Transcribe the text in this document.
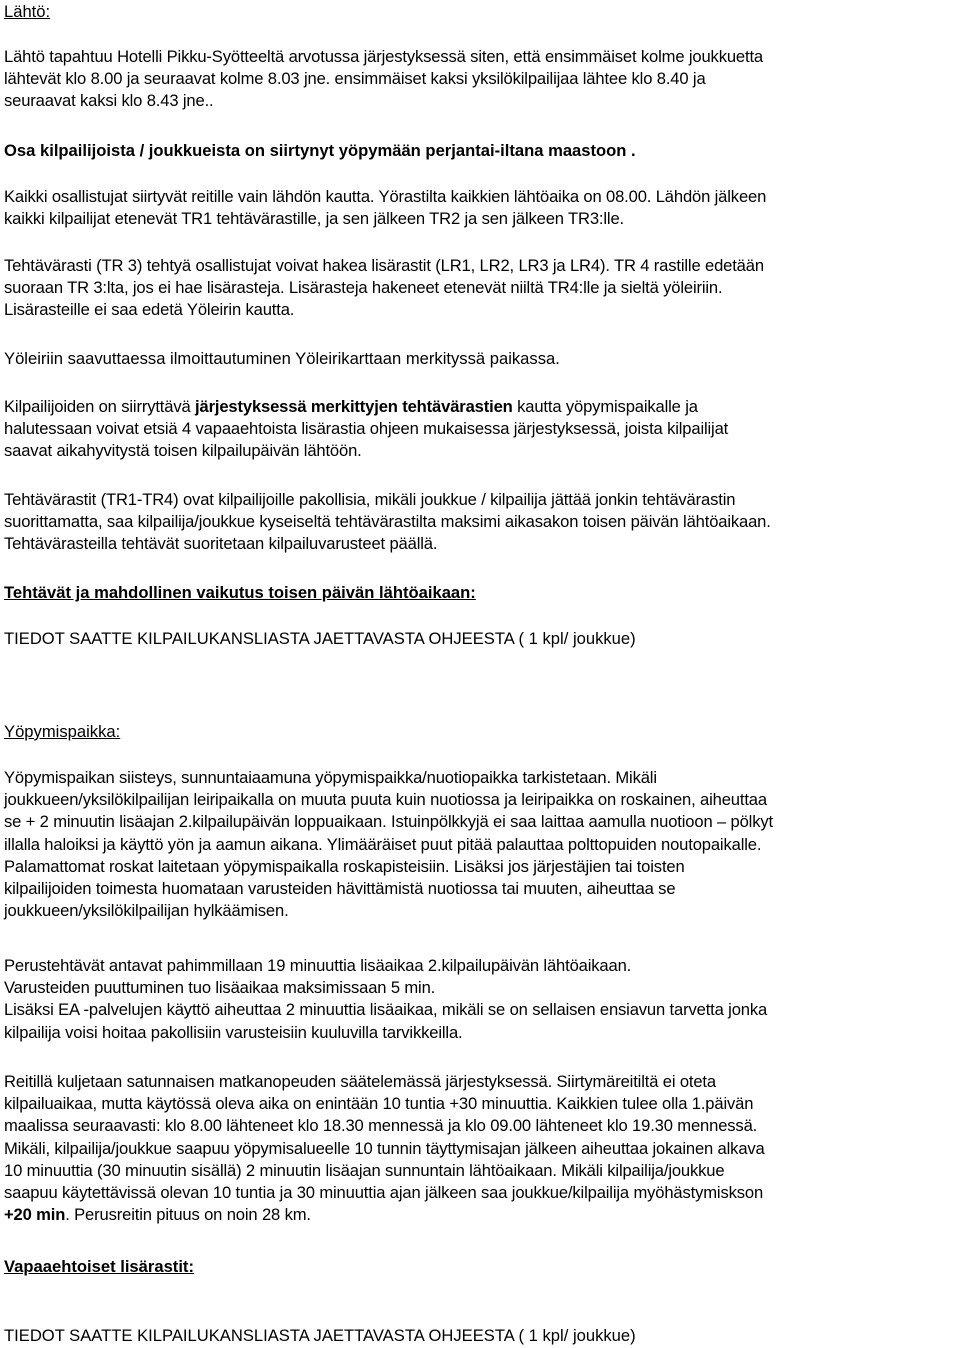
Lähtö:

Lähtö tapahtuu Hotelli Pikku-Syötteeltä arvotussa järjestyksessä siten, että ensimmäiset kolme joukkuetta
lähtevät klo 8.00 ja seuraavat kolme 8.03 jne. ensimmäiset kaksi yksilökilpailijaa lähtee klo 8.40 ja
seuraavat kaksi klo 8.43 jne..

Osa kilpailijoista / joukkueista on siirtynyt yöpymään perjantai-iltana maastoon .

Kaikki osallistujat siirtyvät reitille vain lähdön kautta. Yörastilta kaikkien lähtöaika on 08.00. Lähdön jälkeen
kaikki kilpailijat etenevät TR1 tehtävärastille, ja sen jälkeen TR2 ja sen jälkeen TR3:lle.

Tehtävärasti (TR 3) tehtyä osallistujat voivat hakea lisärastit (LR1, LR2, LR3 ja LR4). TR 4 rastille edetään
suoraan TR 3:lta, jos ei hae lisärasteja. Lisärasteja hakeneet etenevät niiltä TR4:lle ja sieltä yöleiriin.
Lisärasteille ei saa edetä Yöleirin kautta.

Yöleiriin saavuttaessa ilmoittautuminen Yöleirikarttaan merkityssä paikassa.

Kilpailijoiden on siirryttävä järjestyksessä merkittyjen tehtävärastien kautta yöpymispaikalle ja
halutessaan voivat etsiä 4 vapaaehtoista lisärastia ohjeen mukaisessa järjestyksessä, joista kilpailijat
saavat aikahyvitystä toisen kilpailupäivän lähtöön.

Tehtävärastit (TR1-TR4) ovat kilpailijoille pakollisia, mikäli joukkue / kilpailija jättää jonkin tehtävärastin
suorittamatta, saa kilpailija/joukkue kyseiseltä tehtävärastilta maksimi aikasakon toisen päivän lähtöaikaan.
Tehtävärasteilla tehtävät suoritetaan kilpailuvarusteet päällä.

Tehtävät ja mahdollinen vaikutus toisen päivän lähtöaikaan:

TIEDOT SAATTE KILPAILUKANSLIASTA JAETTAVASTA OHJEESTA ( 1 kpl/ joukkue)

Yöpymispaikka:

Yöpymispaikan siisteys, sunnuntaiaamuna yöpymispaikka/nuotiopaikka tarkistetaan. Mikäli
joukkueen/yksilökilpailijan leiripaikalla on muuta puuta kuin nuotiossa ja leiripaikka on roskainen, aiheuttaa
se + 2 minuutin lisäajan 2.kilpailupäivän loppuaikaan. Istuinpölkkyjä ei saa laittaa aamulla nuotioon – pölkyt
illalla haloiksi ja käyttö yön ja aamun aikana. Ylimääräiset puut pitää palauttaa polttopuiden noutopaikalle.
Palamattomat roskat laitetaan yöpymispaikalla roskapisteisiin. Lisäksi jos järjestäjien tai toisten
kilpailijoiden toimesta huomataan varusteiden hävittämistä nuotiossa tai muuten, aiheuttaa se
joukkueen/yksilökilpailijan hylkäämisen.

Perustehtävät antavat pahimmillaan 19 minuuttia lisäaikaa 2.kilpailupäivän lähtöaikaan.
Varusteiden puuttuminen tuo lisäaikaa maksimissaan 5 min.
Lisäksi EA -palvelujen käyttö aiheuttaa 2 minuuttia lisäaikaa, mikäli se on sellaisen ensiavun tarvetta jonka
kilpailija voisi hoitaa pakollisiin varusteisiin kuuluvilla tarvikkeilla.

Reitillä kuljetaan satunnaisen matkanopeuden säätelemässä järjestyksessä. Siirtymäreitiltä ei oteta
kilpailuaikaa, mutta käytössä oleva aika on enintään 10 tuntia +30 minuuttia. Kaikkien tulee olla 1.päivän
maalissa seuraavasti: klo 8.00 lähteneet klo 18.30 mennessä ja klo 09.00 lähteneet klo 19.30 mennessä.
Mikäli, kilpailija/joukkue saapuu yöpymisalueelle 10 tunnin täyttymisajan jälkeen aiheuttaa jokainen alkava
10 minuuttia (30 minuutin sisällä) 2 minuutin lisäajan sunnuntain lähtöaikaan. Mikäli kilpailija/joukkue
saapuu käytettävissä olevan 10 tuntia ja 30 minuuttia ajan jälkeen saa joukkue/kilpailija myöhästymiskson
+20 min. Perusreitin pituus on noin 28 km.

Vapaaehtoiset lisärastit:

TIEDOT SAATTE KILPAILUKANSLIASTA JAETTAVASTA OHJEESTA ( 1 kpl/ joukkue)
